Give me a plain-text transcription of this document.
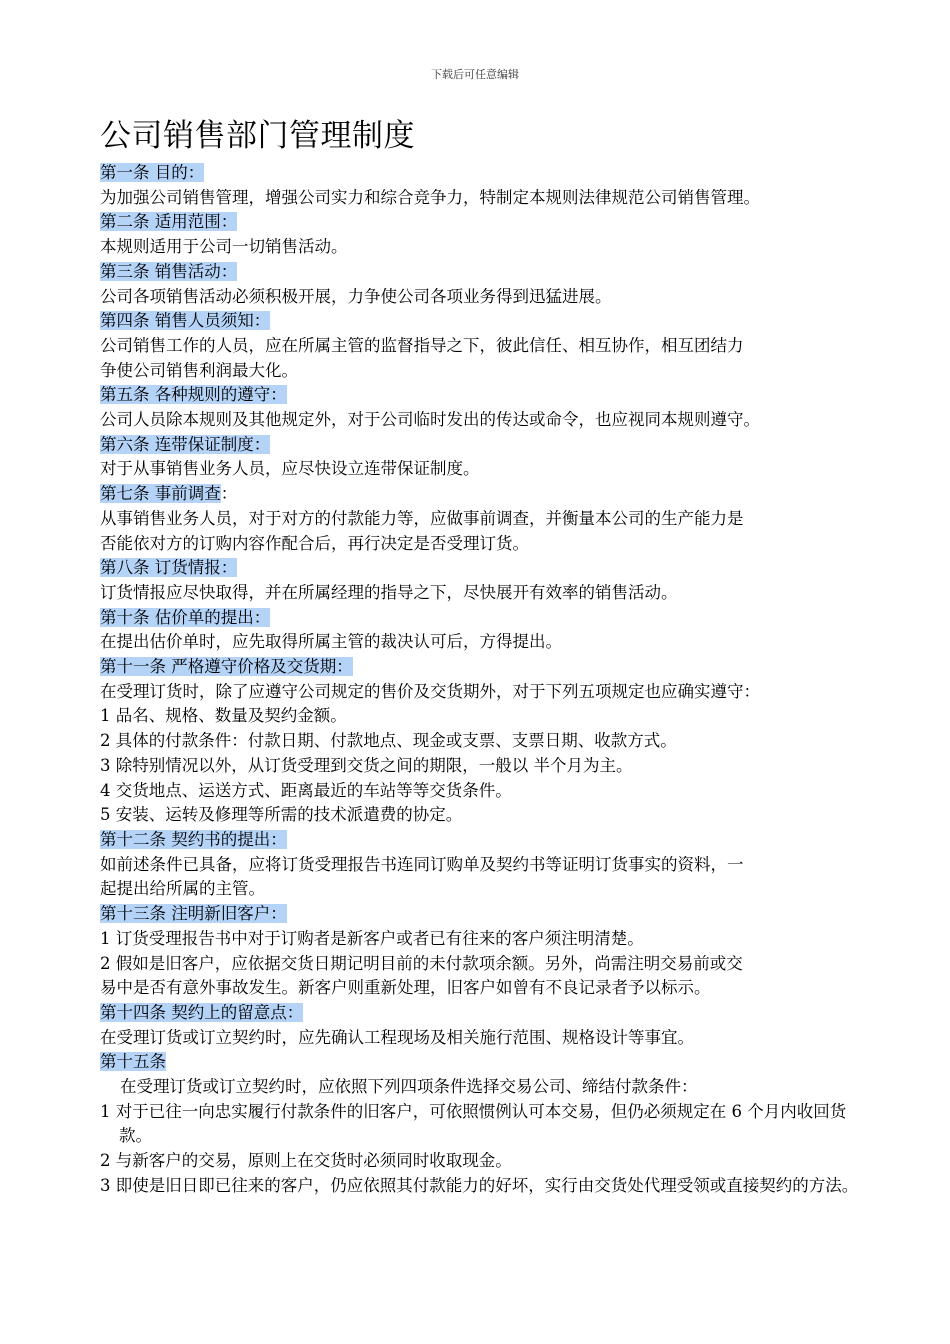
下载后可任意编辑
公司销售部门管理制度
第一条 目的：
为加强公司销售管理，增强公司实力和综合竞争力，特制定本规则法律规范公司销售管理。
第二条 适用范围：
本规则适用于公司一切销售活动。
第三条 销售活动：
公司各项销售活动必须积极开展，力争使公司各项业务得到迅猛进展。
第四条 销售人员须知：
公司销售工作的人员，应在所属主管的监督指导之下，彼此信任、相互协作，相互团结力
争使公司销售利润最大化。
第五条 各种规则的遵守：
公司人员除本规则及其他规定外，对于公司临时发出的传达或命令，也应视同本规则遵守。
第六条 连带保证制度：
对于从事销售业务人员，应尽快设立连带保证制度。
第七条 事前调查：
从事销售业务人员，对于对方的付款能力等，应做事前调查，并衡量本公司的生产能力是
否能依对方的订购内容作配合后，再行决定是否受理订货。
第八条 订货情报：
订货情报应尽快取得，并在所属经理的指导之下，尽快展开有效率的销售活动。
第十条 估价单的提出：
在提出估价单时，应先取得所属主管的裁决认可后，方得提出。
第十一条 严格遵守价格及交货期：
在受理订货时，除了应遵守公司规定的售价及交货期外，对于下列五项规定也应确实遵守：
1 品名、规格、数量及契约金额。
2 具体的付款条件：付款日期、付款地点、现金或支票、支票日期、收款方式。
3 除特别情况以外，从订货受理到交货之间的期限，一般以 半个月为主。
4 交货地点、运送方式、距离最近的车站等等交货条件。
5 安装、运转及修理等所需的技术派遣费的协定。
第十二条 契约书的提出：
如前述条件已具备，应将订货受理报告书连同订购单及契约书等证明订货事实的资料，一
起提出给所属的主管。
第十三条 注明新旧客户：
1 订货受理报告书中对于订购者是新客户或者已有往来的客户须注明清楚。
2 假如是旧客户，应依据交货日期记明目前的未付款项余额。另外，尚需注明交易前或交
易中是否有意外事故发生。新客户则重新处理，旧客户如曾有不良记录者予以标示。
第十四条 契约上的留意点：
在受理订货或订立契约时，应先确认工程现场及相关施行范围、规格设计等事宜。
第十五条
在受理订货或订立契约时，应依照下列四项条件选择交易公司、缔结付款条件：
1 对于已往一向忠实履行付款条件的旧客户，可依照惯例认可本交易，但仍必须规定在 6 个月内收回货款。
2 与新客户的交易，原则上在交货时必须同时收取现金。
3 即使是旧日即已往来的客户，仍应依照其付款能力的好坏，实行由交货处代理受领或直接契约的方法。
